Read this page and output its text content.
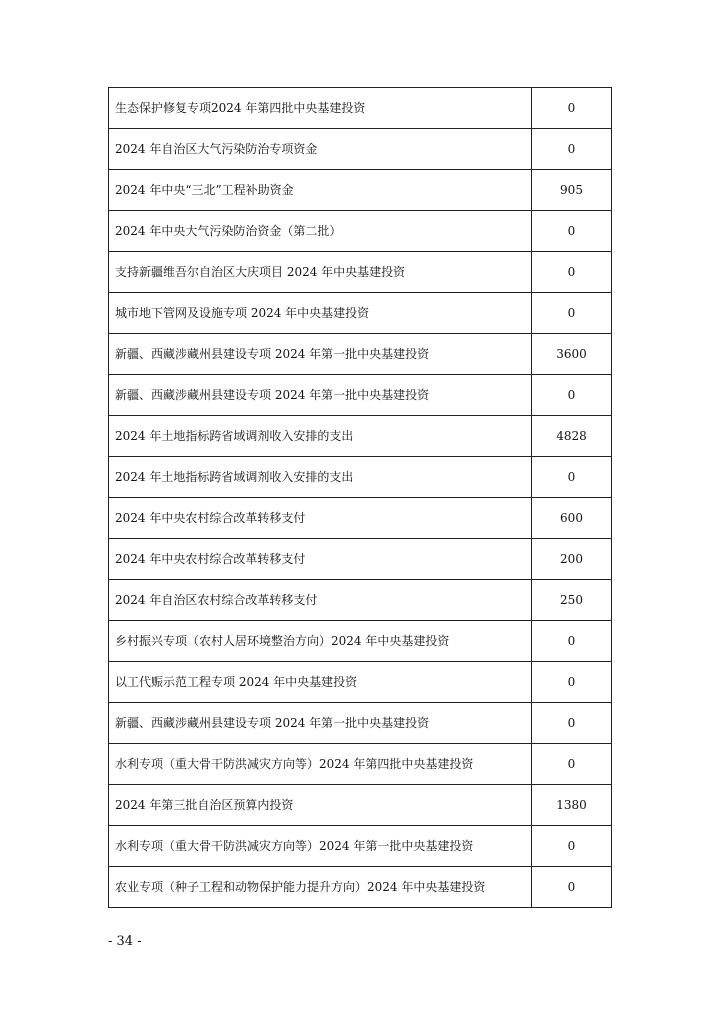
生态保护修复专项2024 年第四批中央基建投资	0
2024 年自治区大气污染防治专项资金	0
2024 年中央“三北”工程补助资金	905
2024 年中央大气污染防治资金（第二批）	0
支持新疆维吾尔自治区大庆项目 2024 年中央基建投资	0
城市地下管网及设施专项 2024 年中央基建投资	0
新疆、西藏涉藏州县建设专项 2024 年第一批中央基建投资	3600
新疆、西藏涉藏州县建设专项 2024 年第一批中央基建投资	0
2024 年土地指标跨省域调剂收入安排的支出	4828
2024 年土地指标跨省域调剂收入安排的支出	0
2024 年中央农村综合改革转移支付	600
2024 年中央农村综合改革转移支付	200
2024 年自治区农村综合改革转移支付	250
乡村振兴专项（农村人居环境整治方向）2024 年中央基建投资	0
以工代赈示范工程专项 2024 年中央基建投资	0
新疆、西藏涉藏州县建设专项 2024 年第一批中央基建投资	0
水利专项（重大骨干防洪减灾方向等）2024 年第四批中央基建投资	0
2024 年第三批自治区预算内投资	1380
水利专项（重大骨干防洪减灾方向等）2024 年第一批中央基建投资	0
农业专项（种子工程和动物保护能力提升方向）2024 年中央基建投资	0
- 34 -
